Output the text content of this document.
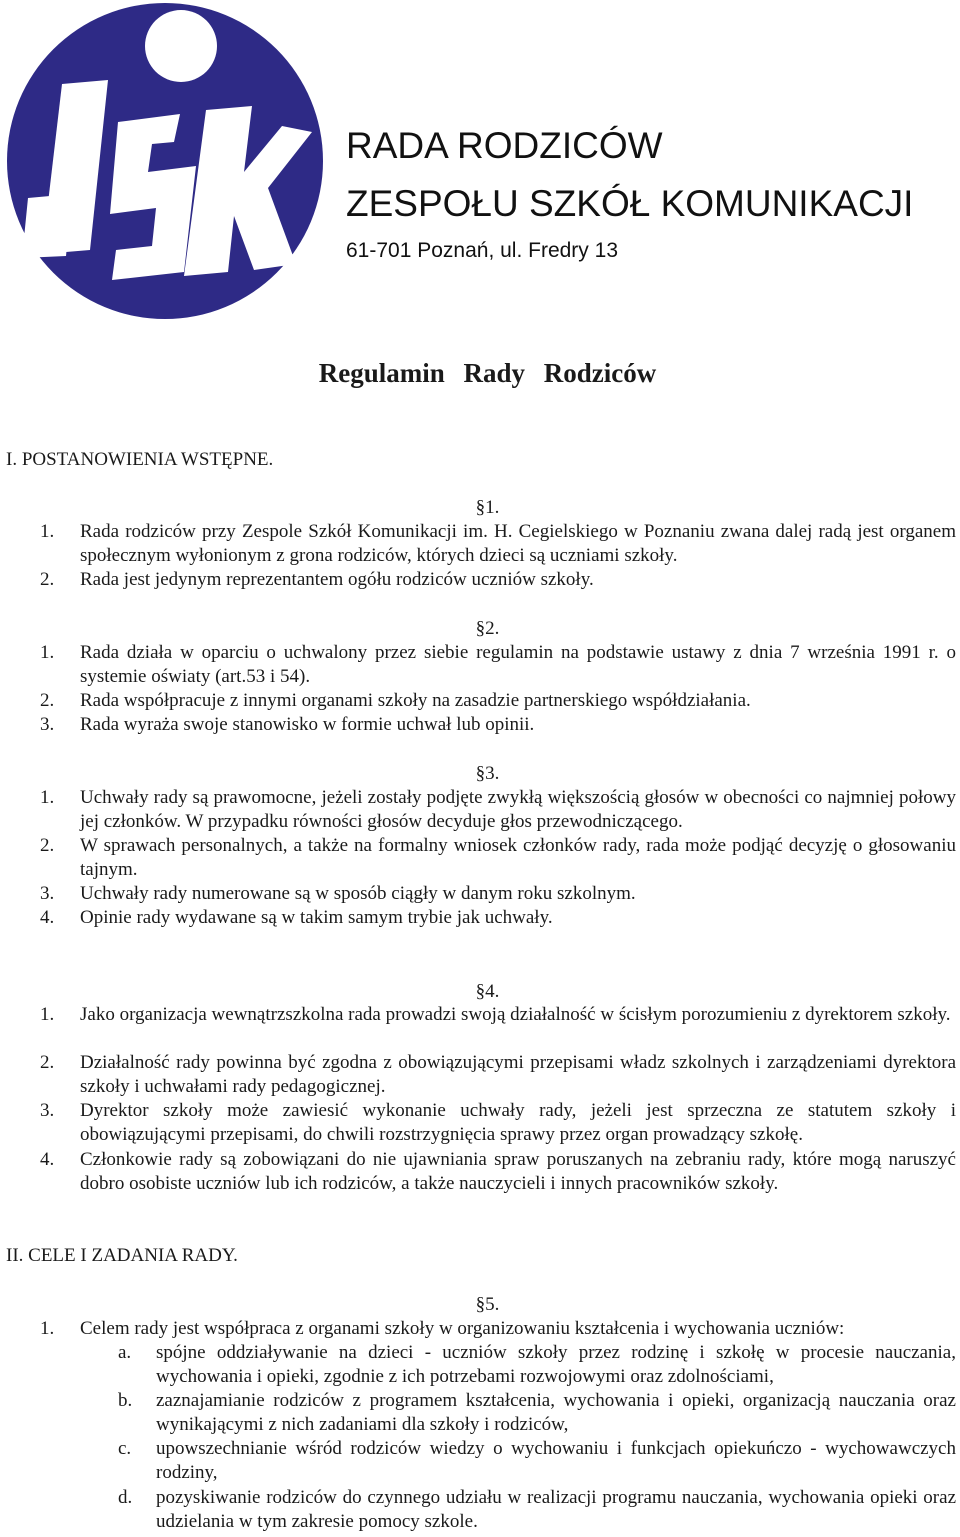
RADA RODZICÓW
ZESPOŁU SZKÓŁ KOMUNIKACJI
61-701 Poznań, ul. Fredry 13
Regulamin Rady Rodziców
I. POSTANOWIENIA WSTĘPNE.
§1.
1. Rada rodziców przy Zespole Szkół Komunikacji im. H. Cegielskiego w Poznaniu zwana dalej radą jest organem społecznym wyłonionym z grona rodziców, których dzieci są uczniami szkoły.
2. Rada jest jedynym reprezentantem ogółu rodziców uczniów szkoły.
§2.
1. Rada działa w oparciu o uchwalony przez siebie regulamin na podstawie ustawy z dnia 7 września 1991 r. o systemie oświaty (art.53 i 54).
2. Rada współpracuje z innymi organami szkoły na zasadzie partnerskiego współdziałania.
3. Rada wyraża swoje stanowisko w formie uchwał lub opinii.
§3.
1. Uchwały rady są prawomocne, jeżeli zostały podjęte zwykłą większością głosów w obecności co najmniej połowy jej członków. W przypadku równości głosów decyduje głos przewodniczącego.
2. W sprawach personalnych, a także na formalny wniosek członków rady, rada może podjąć decyzję o głosowaniu tajnym.
3. Uchwały rady numerowane są w sposób ciągły w danym roku szkolnym.
4. Opinie rady wydawane są w takim samym trybie jak uchwały.
§4.
1. Jako organizacja wewnątrzszkolna rada prowadzi swoją działalność w ścisłym porozumieniu z dyrektorem szkoły.
2. Działalność rady powinna być zgodna z obowiązującymi przepisami władz szkolnych i zarządzeniami dyrektora szkoły i uchwałami rady pedagogicznej.
3. Dyrektor szkoły może zawiesić wykonanie uchwały rady, jeżeli jest sprzeczna ze statutem szkoły i obowiązującymi przepisami, do chwili rozstrzygnięcia sprawy przez organ prowadzący szkołę.
4. Członkowie rady są zobowiązani do nie ujawniania spraw poruszanych na zebraniu rady, które mogą naruszyć dobro osobiste uczniów lub ich rodziców, a także nauczycieli i innych pracowników szkoły.
II. CELE I ZADANIA RADY.
§5.
1. Celem rady jest współpraca z organami szkoły w organizowaniu kształcenia i wychowania uczniów:
a. spójne oddziaływanie na dzieci - uczniów szkoły przez rodzinę i szkołę w procesie nauczania, wychowania i opieki, zgodnie z ich potrzebami rozwojowymi oraz zdolnościami,
b. zaznajamianie rodziców z programem kształcenia, wychowania i opieki, organizacją nauczania oraz wynikającymi z nich zadaniami dla szkoły i rodziców,
c. upowszechnianie wśród rodziców wiedzy o wychowaniu i funkcjach opiekuńczo - wychowawczych rodziny,
d. pozyskiwanie rodziców do czynnego udziału w realizacji programu nauczania, wychowania opieki oraz udzielania w tym zakresie pomocy szkole.
